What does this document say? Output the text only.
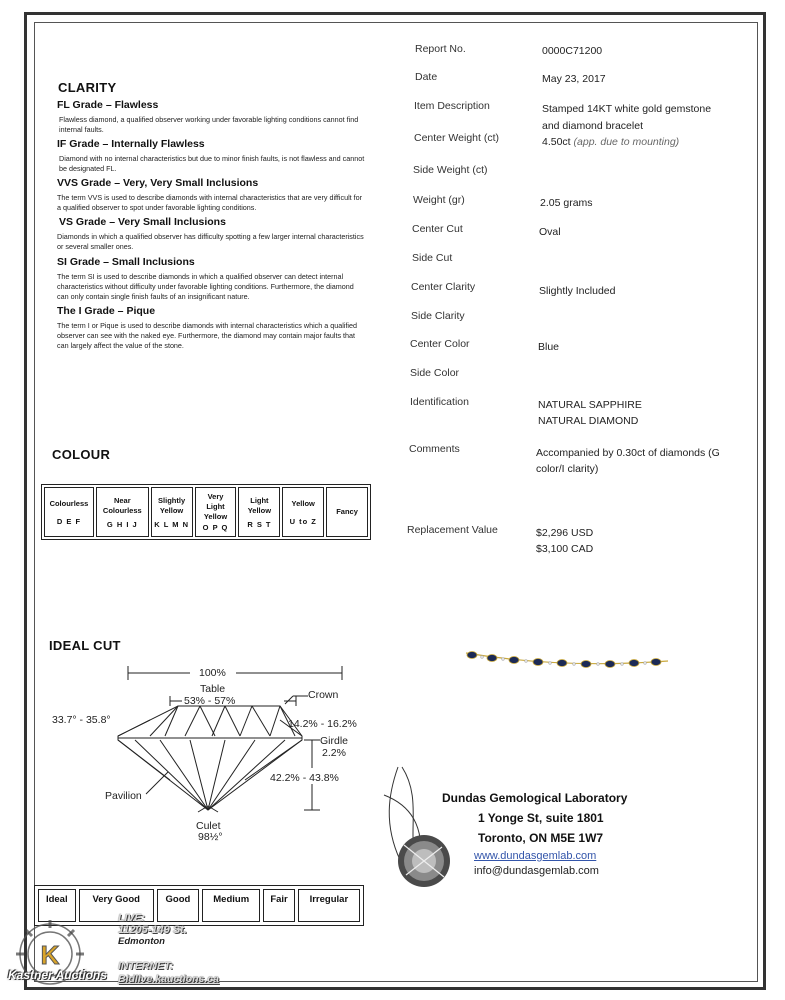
CLARITY
FL Grade – Flawless
Flawless diamond, a qualified observer working under favorable lighting conditions cannot find internal faults.
IF Grade – Internally Flawless
Diamond with no internal characteristics but due to minor finish faults, is not flawless and cannot be designated FL.
VVS Grade – Very, Very Small Inclusions
The term VVS is used to describe diamonds with internal characteristics that are very difficult for a qualified observer to spot under favorable lighting conditions.
VS Grade – Very Small Inclusions
Diamonds in which a qualified observer has difficulty spotting a few larger internal characteristics or several smaller ones.
SI Grade – Small Inclusions
The term SI is used to describe diamonds in which a qualified observer can detect internal characteristics without difficulty under favorable lighting conditions. Furthermore, the diamond can only contain single finish faults of an insignificant nature.
The I Grade – Pique
The term I or Pique is used to describe diamonds with internal characteristics which a qualified observer can see with the naked eye. Furthermore, the diamond may contain major faults that can largely affect the value of the stone.
COLOUR
Colourless
D E F

Near Colourless
G H I J

Slightly Yellow
K L M N

Very Light Yellow
O P Q

Light Yellow
R S T

Yellow
U to Z

Fancy
IDEAL CUT
100%
Table
53% - 57%	Crown
33.7° - 35.8°	14.2% - 16.2%
Girdle
2.2%
42.2% - 43.8%
Pavilion
Culet
98½°
Ideal	Very Good	Good	Medium	Fair	Irregular
Report No.	0000C71200
Date	May 23, 2017
Item Description	Stamped 14KT white gold gemstone and diamond bracelet
Center Weight (ct)	4.50ct (app. due to mounting)
Side Weight (ct)
Weight (gr)	2.05 grams
Center Cut	Oval
Side Cut
Center Clarity	Slightly Included
Side Clarity
Center Color	Blue
Side Color
Identification	NATURAL SAPPHIRE
NATURAL DIAMOND
Comments	Accompanied by 0.30ct of diamonds (G color/I clarity)
Replacement Value	$2,296 USD
$3,100 CAD
Dundas Gemological Laboratory
1 Yonge St, suite 1801
Toronto, ON M5E 1W7
www.dundasgemlab.com
info@dundasgemlab.com
K
Kastner Auctions
LIVE:
11205-149 St.
Edmonton
INTERNET:
Bidlive.kauctions.ca
